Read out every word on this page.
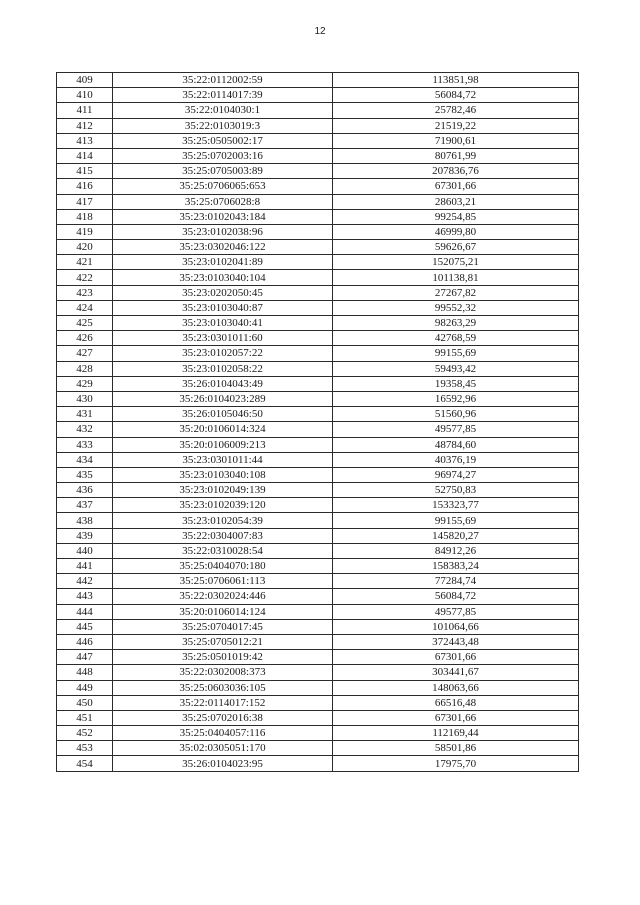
12
409	35:22:0112002:59	113851,98
410	35:22:0114017:39	56084,72
411	35:22:0104030:1	25782,46
412	35:22:0103019:3	21519,22
413	35:25:0505002:17	71900,61
414	35:25:0702003:16	80761,99
415	35:25:0705003:89	207836,76
416	35:25:0706065:653	67301,66
417	35:25:0706028:8	28603,21
418	35:23:0102043:184	99254,85
419	35:23:0102038:96	46999,80
420	35:23:0302046:122	59626,67
421	35:23:0102041:89	152075,21
422	35:23:0103040:104	101138,81
423	35:23:0202050:45	27267,82
424	35:23:0103040:87	99552,32
425	35:23:0103040:41	98263,29
426	35:23:0301011:60	42768,59
427	35:23:0102057:22	99155,69
428	35:23:0102058:22	59493,42
429	35:26:0104043:49	19358,45
430	35:26:0104023:289	16592,96
431	35:26:0105046:50	51560,96
432	35:20:0106014:324	49577,85
433	35:20:0106009:213	48784,60
434	35:23:0301011:44	40376,19
435	35:23:0103040:108	96974,27
436	35:23:0102049:139	52750,83
437	35:23:0102039:120	153323,77
438	35:23:0102054:39	99155,69
439	35:22:0304007:83	145820,27
440	35:22:0310028:54	84912,26
441	35:25:0404070:180	158383,24
442	35:25:0706061:113	77284,74
443	35:22:0302024:446	56084,72
444	35:20:0106014:124	49577,85
445	35:25:0704017:45	101064,66
446	35:25:0705012:21	372443,48
447	35:25:0501019:42	67301,66
448	35:22:0302008:373	303441,67
449	35:25:0603036:105	148063,66
450	35:22:0114017:152	66516,48
451	35:25:0702016:38	67301,66
452	35:25:0404057:116	112169,44
453	35:02:0305051:170	58501,86
454	35:26:0104023:95	17975,70
